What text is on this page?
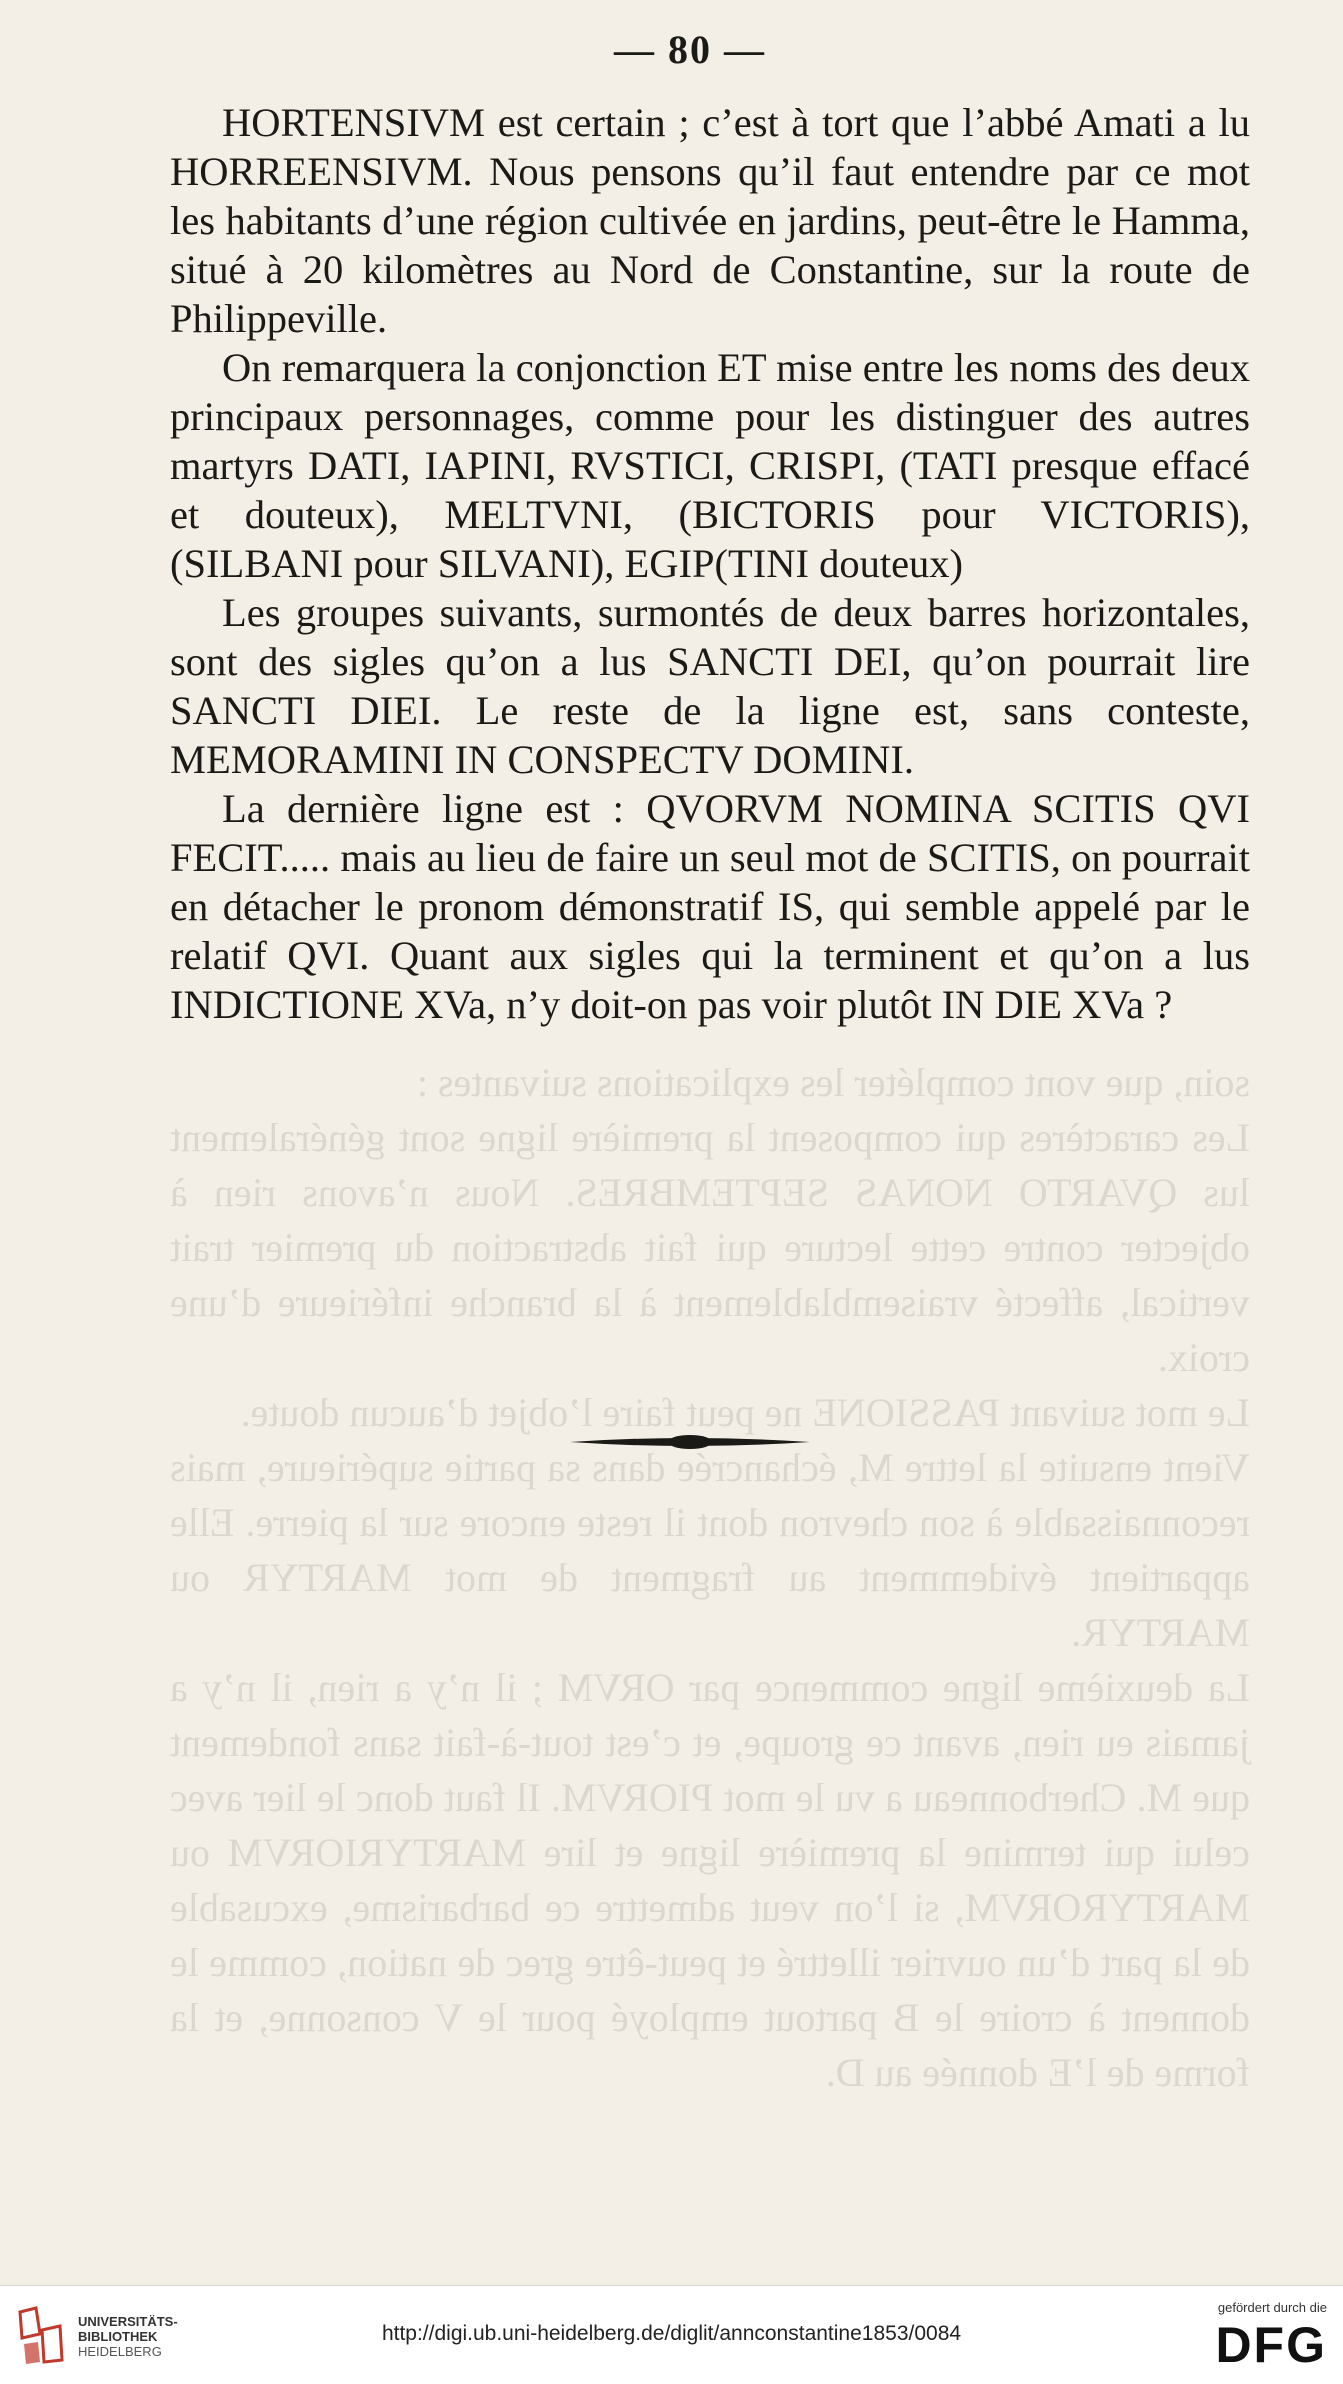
soin, que vont compléter les explications suivantes :
Les caractères qui composent la première ligne sont généralement lus QVARTO NONAS SEPTEMBRES. Nous n’avons rien à objecter contre cette lecture qui fait abstraction du premier trait vertical, affecté vraisemblablement à la branche inférieure d’une croix.
Le mot suivant PASSIONE ne peut faire l’objet d’aucun doute.
Vient ensuite la lettre M, échancrée dans sa partie supérieure, mais reconnaissable à son chevron dont il reste encore sur la pierre. Elle appartient évidemment au fragment de mot MARTYR ou MARTYR.
La deuxième ligne commence par ORVM ; il n’y a rien, il n’y a jamais eu rien, avant ce groupe, et c’est tout-à-fait sans fondement que M. Cherbonneau a vu le mot PIORVM. Il faut donc le lier avec celui qui termine la première ligne et lire MARTYRIORVM ou MARTYRORVM, si l’on veut admettre ce barbarisme, excusable de la part d’un ouvrier illettré et peut-être grec de nation, comme le donnent à croire le B partout employé pour le V consonne, et la forme de l’E donnée au D.

— 80 —

HORTENSIVM est certain ; c’est à tort que l’abbé Amati a lu HORREENSIVM. Nous pensons qu’il faut entendre par ce mot les habitants d’une région cultivée en jardins, peut-être le Hamma, situé à 20 kilomètres au Nord de Constantine, sur la route de Philippeville.

On remarquera la conjonction ET mise entre les noms des deux principaux personnages, comme pour les distinguer des autres martyrs DATI, IAPINI, RVSTICI, CRISPI, (TATI presque effacé et douteux), MELTVNI, (BICTORIS pour VICTORIS), (SILBANI pour SILVANI), EGIP(TINI douteux)

Les groupes suivants, surmontés de deux barres horizontales, sont des sigles qu’on a lus SANCTI DEI, qu’on pourrait lire SANCTI DIEI. Le reste de la ligne est, sans conteste, MEMORAMINI IN CONSPECTV DOMINI.

La dernière ligne est : QVORVM NOMINA SCITIS QVI FECIT..... mais au lieu de faire un seul mot de SCITIS, on pourrait en détacher le pronom démonstratif IS, qui semble appelé par le relatif QVI. Quant aux sigles qui la terminent et qu’on a lus INDICTIONE XVa, n’y doit-on pas voir plutôt IN DIE XVa ?

UNIVERSITÄTS-
BIBLIOTHEK
HEIDELBERG
http://digi.ub.uni-heidelberg.de/diglit/annconstantine1853/0084
gefördert durch die
DFG
